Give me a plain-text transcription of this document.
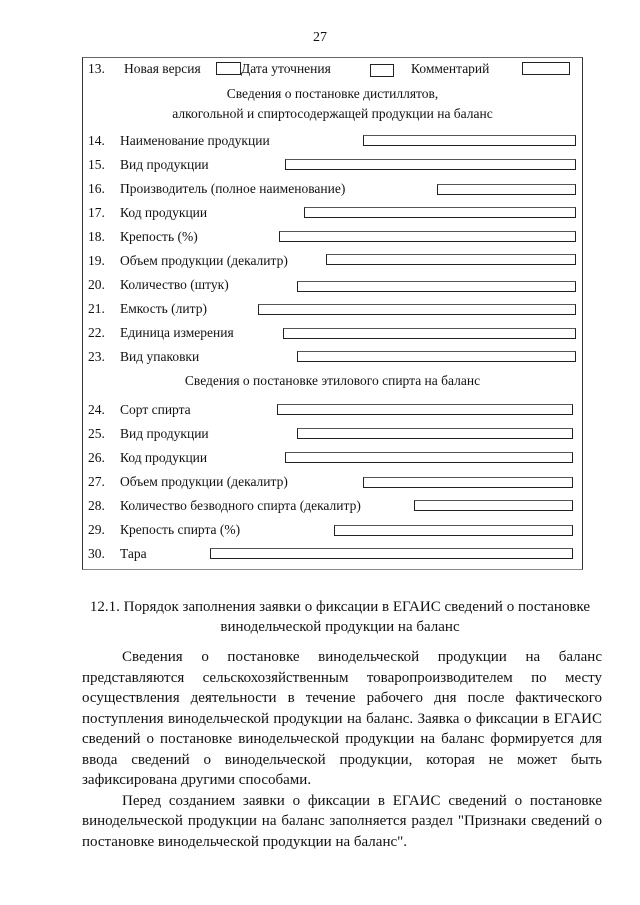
27
13. Новая версия	Дата уточнения	Комментарий
Сведения о постановке дистиллятов,
алкогольной и спиртосодержащей продукции на баланс
14. Наименование продукции
15. Вид продукции
16. Производитель (полное наименование)
17. Код продукции
18. Крепость (%)
19. Объем продукции (декалитр)
20. Количество (штук)
21. Емкость (литр)
22. Единица измерения
23. Вид упаковки
Сведения о постановке этилового спирта на баланс
24. Сорт спирта
25. Вид продукции
26. Код продукции
27. Объем продукции (декалитр)
28. Количество безводного спирта (декалитр)
29. Крепость спирта (%)
30. Тара
12.1. Порядок заполнения заявки о фиксации в ЕГАИС сведений о постановке
винодельческой продукции на баланс

Сведения о постановке винодельческой продукции на баланс представляются сельскохозяйственным товаропроизводителем по месту осуществления деятельности в течение рабочего дня после фактического поступления винодельческой продукции на баланс. Заявка о фиксации в ЕГАИС сведений о постановке винодельческой продукции на баланс формируется для ввода сведений о винодельческой продукции, которая не может быть зафиксирована другими способами.

Перед созданием заявки о фиксации в ЕГАИС сведений о постановке винодельческой продукции на баланс заполняется раздел "Признаки сведений о постановке винодельческой продукции на баланс".
